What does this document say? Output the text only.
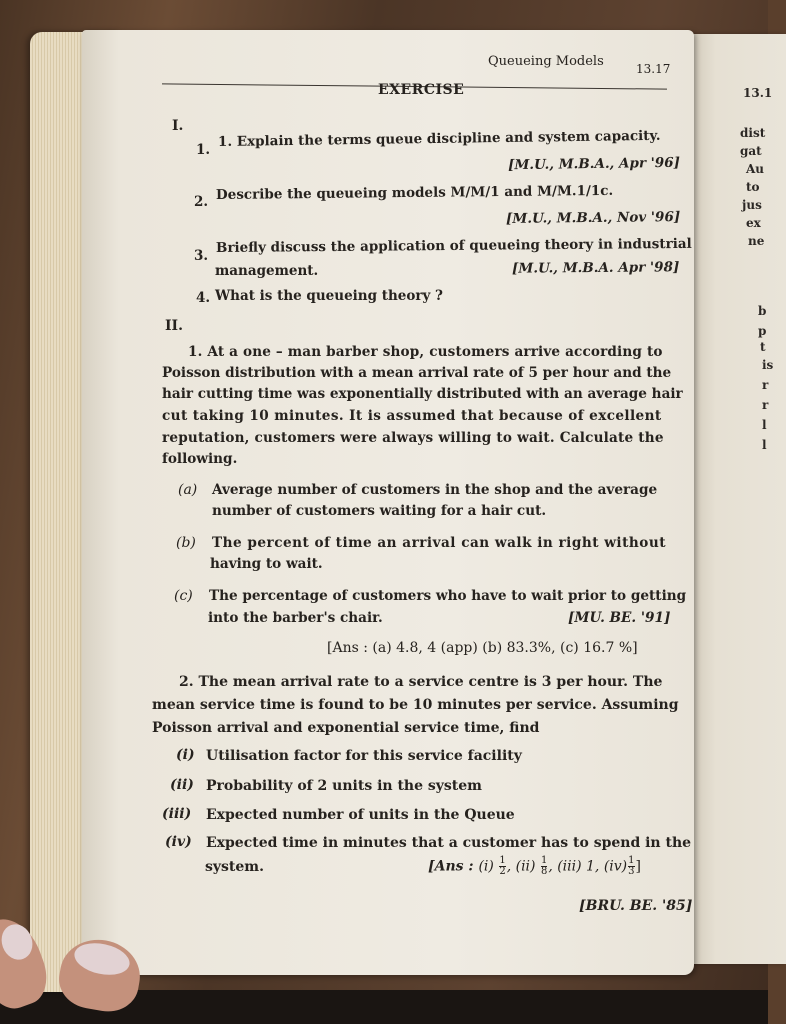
13.1
dist
gat
Au
to
jus
ex
ne
b
p
t
is
r
r
l
l
Queueing Models	13.17
EXERCISE
I.
1.
1. Explain the terms queue discipline and system capacity.
[M.U., M.B.A., Apr '96]
2. Describe the queueing models M/M/1 and M/M.1/1c.
[M.U., M.B.A., Nov '96]
3.
Briefly discuss the application of queueing theory in industrial
management.	[M.U., M.B.A. Apr '98]
4. What is the queueing theory ?
II.
1. At a one – man barber shop, customers arrive according to
Poisson distribution with a mean arrival rate of 5 per hour and the
hair cutting time was exponentially distributed with an average hair
cut taking 10 minutes. It is assumed that because of excellent
reputation, customers were always willing to wait. Calculate the
following.
(a) Average number of customers in the shop and the average
number of customers waiting for a hair cut.
(b) The percent of time an arrival can walk in right without
having to wait.
(c) The percentage of customers who have to wait prior to getting
into the barber's chair.	[MU. BE. '91]
[Ans : (a) 4.8, 4 (app) (b) 83.3%, (c) 16.7 %]
2. The mean arrival rate to a service centre is 3 per hour. The
mean service time is found to be 10 minutes per service. Assuming
Poisson arrival and exponential service time, find
(i) Utilisation factor for this service facility
(ii) Probability of 2 units in the system
(iii) Expected number of units in the Queue
(iv) Expected time in minutes that a customer has to spend in the
system.	[Ans : $(i) \frac{1}{2}$ , $(ii) \frac{1}{8}$ , (iii) 1, $(iv) \frac{1}{3}$ ]
[BRU. BE. '85]
